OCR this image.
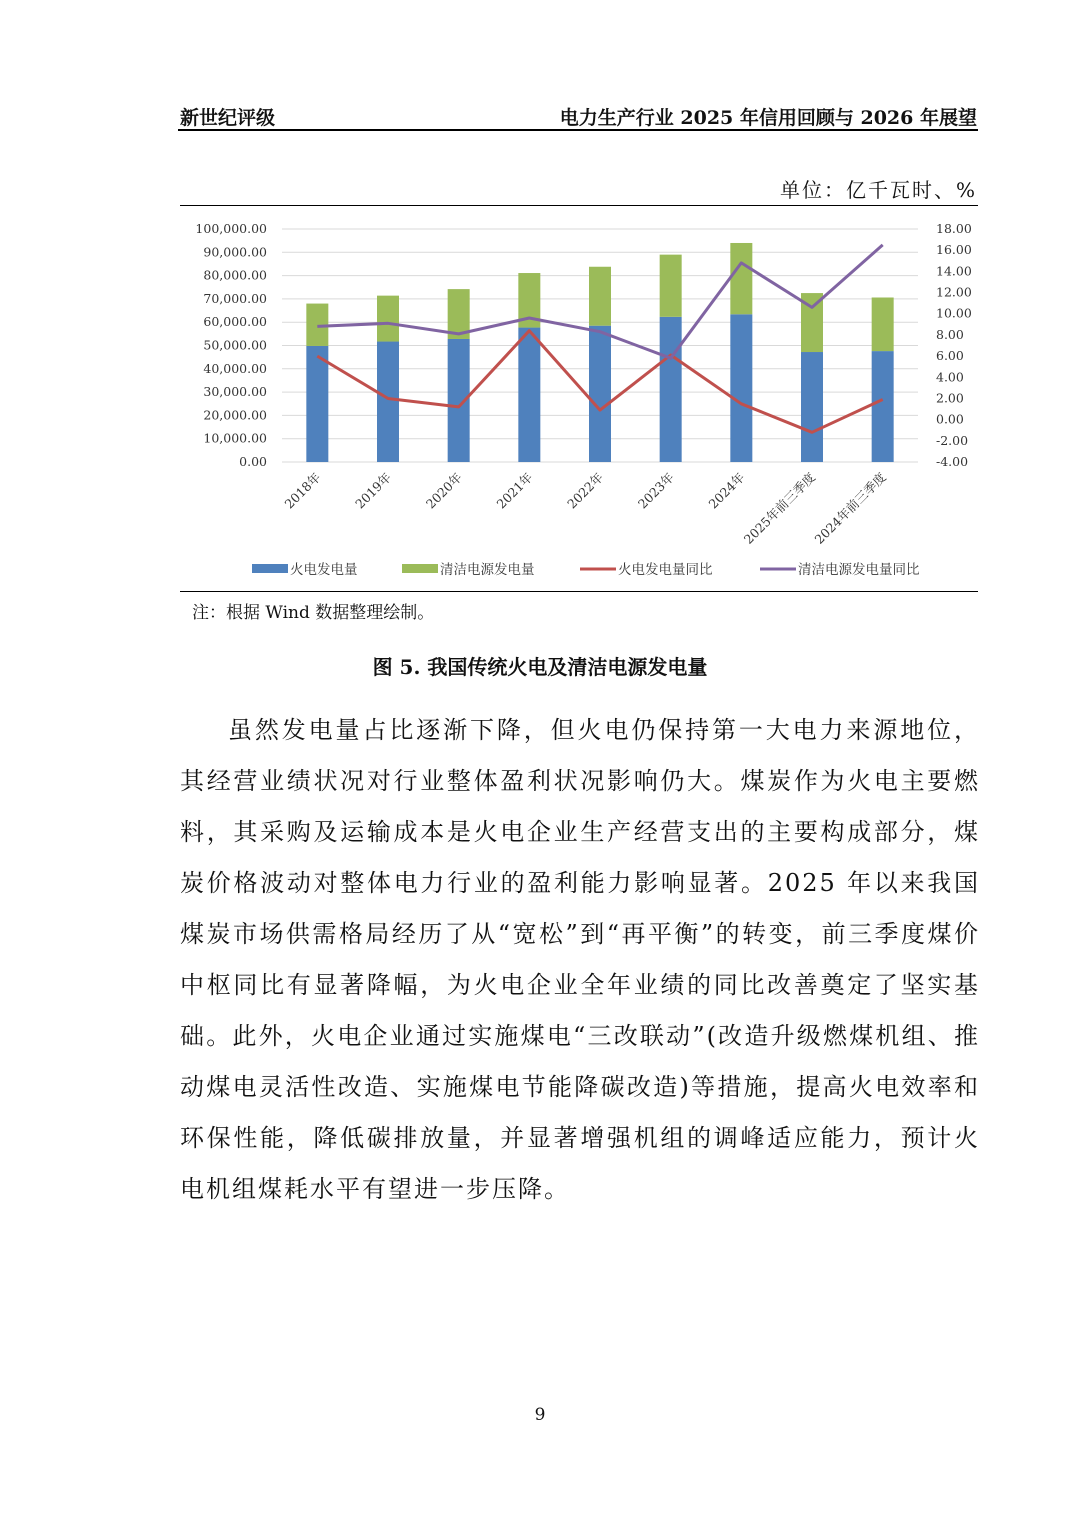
新世纪评级	电力生产行业 2025 年信用回顾与 2026 年展望
单位：亿千瓦时、%
0.00
10,000.00
20,000.00
30,000.00
40,000.00
50,000.00
60,000.00
70,000.00
80,000.00
90,000.00
100,000.00
-4.00
-2.00
0.00
2.00
4.00
6.00
8.00
10.00
12.00
14.00
16.00
18.00
2018年 2019年 2020年 2021年 2022年 2023年 2024年
2025年前三季度
2024年前三季度
火电发电量	清洁电源发电量	火电发电量同比	清洁电源发电量同比
注：根据 Wind 数据整理绘制。
图 5. 我国传统火电及清洁电源发电量

虽然发电量占比逐渐下降，但火电仍保持第一大电力来源地位，其经营业绩状况对行业整体盈利状况影响仍大。煤炭作为火电主要燃料，其采购及运输成本是火电企业生产经营支出的主要构成部分，煤炭价格波动对整体电力行业的盈利能力影响显著。2025 年以来我国煤炭市场供需格局经历了从“宽松”到“再平衡”的转变，前三季度煤价中枢同比有显著降幅，为火电企业全年业绩的同比改善奠定了坚实基础。此外，火电企业通过实施煤电“三改联动”(改造升级燃煤机组、推动煤电灵活性改造、实施煤电节能降碳改造)等措施，提高火电效率和环保性能，降低碳排放量，并显著增强机组的调峰适应能力，预计火电机组煤耗水平有望进一步压降。

9
